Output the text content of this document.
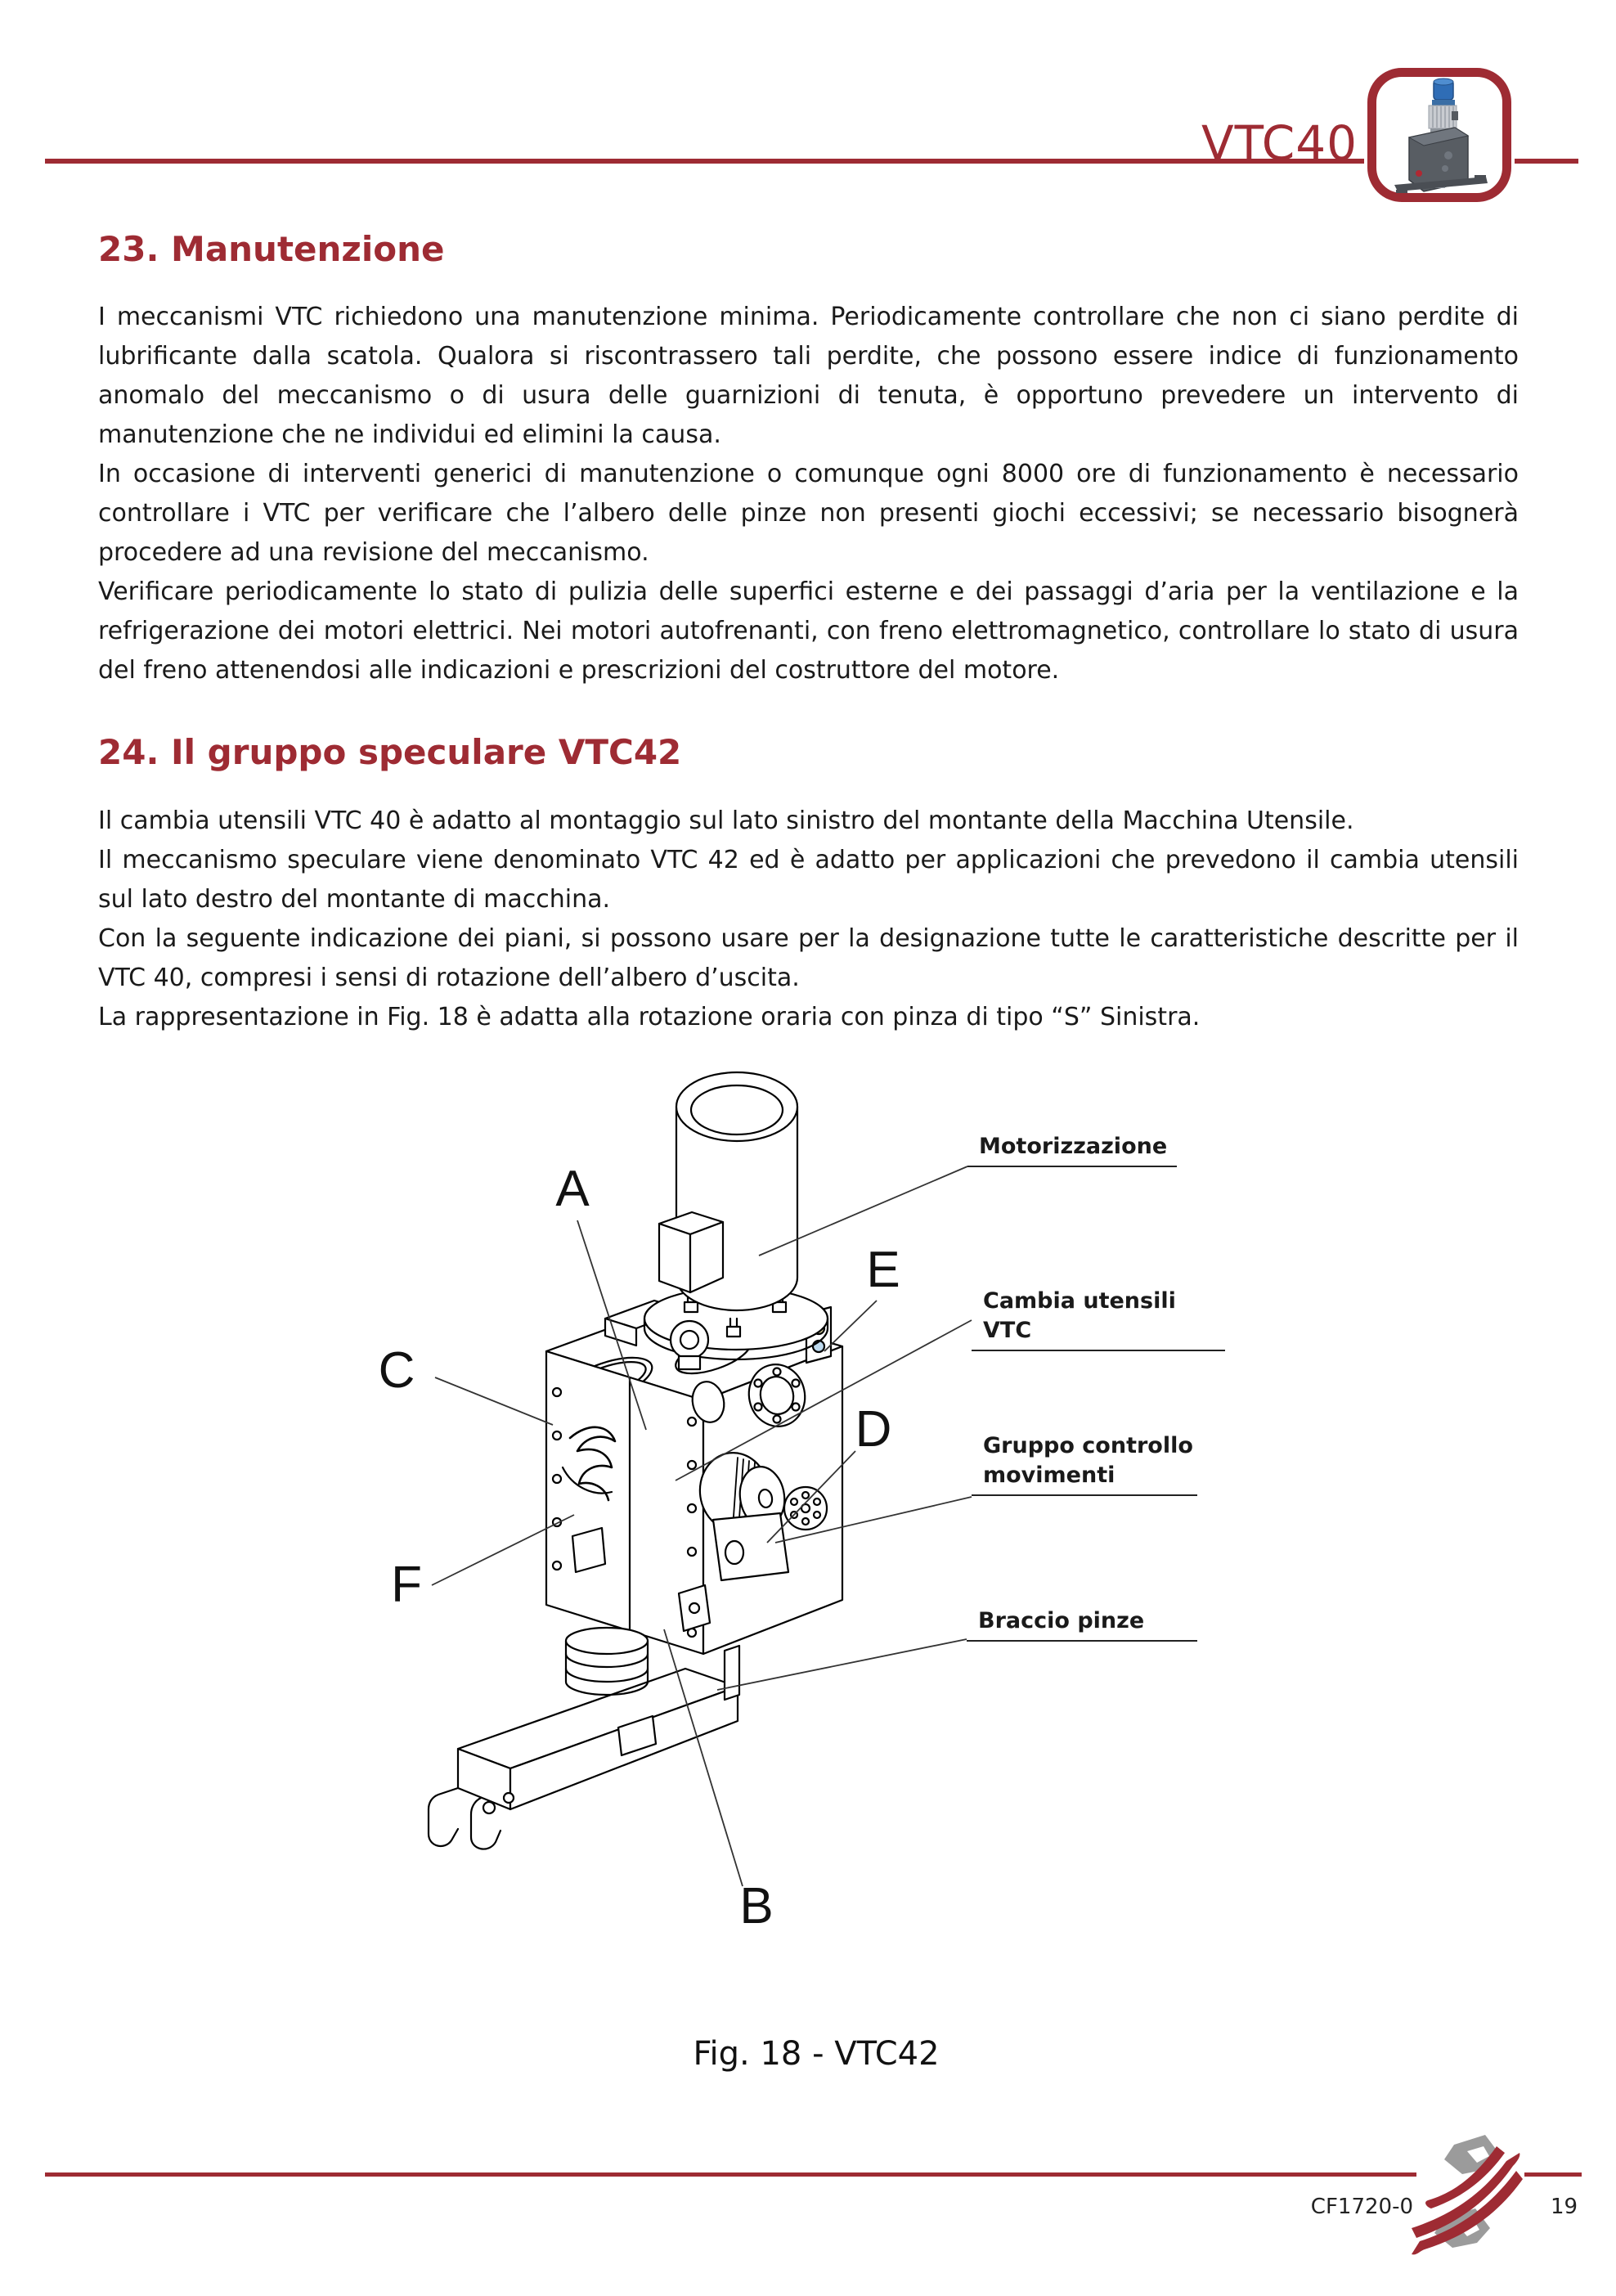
VTC40
23. Manutenzione

I meccanismi VTC richiedono una manutenzione minima. Periodicamente controllare che non ci siano perdite di lubrificante dalla scatola. Qualora si riscontrassero tali perdite, che possono essere indice di funzionamento anomalo del meccanismo o di usura delle guarnizioni di tenuta, è opportuno prevedere un intervento di manutenzione che ne individui ed elimini la causa.

In occasione di interventi generici di manutenzione o comunque ogni 8000 ore di funzionamento è necessario controllare i VTC per verificare che l’albero delle pinze non presenti giochi eccessivi; se necessario bisognerà procedere ad una revisione del meccanismo.

Verificare periodicamente lo stato di pulizia delle superfici esterne e dei passaggi d’aria per la ventilazione e la refrigerazione dei motori elettrici. Nei motori autofrenanti, con freno elettromagnetico, controllare lo stato di usura del freno attenendosi alle indicazioni e prescrizioni del costruttore del motore.

24. Il gruppo speculare VTC42

Il cambia utensili VTC 40 è adatto al montaggio sul lato sinistro del montante della Macchina Utensile.

Il meccanismo speculare viene denominato VTC 42 ed è adatto per applicazioni che prevedono il cambia utensili sul lato destro del montante di macchina.

Con la seguente indicazione dei piani, si possono usare per la designazione tutte le caratteristiche descritte per il VTC 40, compresi i sensi di rotazione dell’albero d’uscita.

La rappresentazione in Fig. 18 è adatta alla rotazione oraria con pinza di tipo “S” Sinistra.

A
B
C
D
E
F
Motorizzazione
Cambia utensili VTC
Gruppo controllo movimenti
Braccio pinze
Fig. 18 - VTC42
CF1720-0	19
